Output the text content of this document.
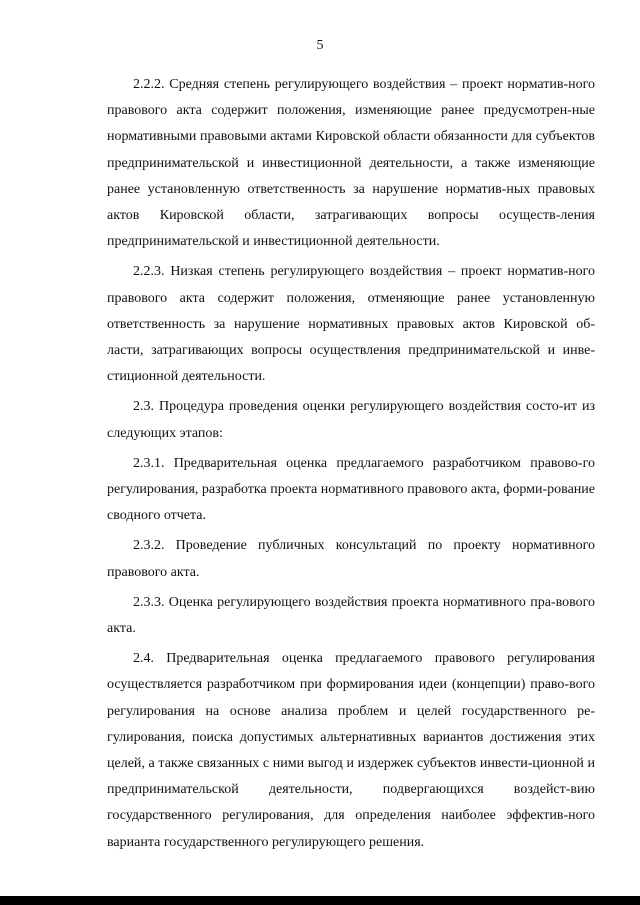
5

2.2.2. Средняя степень регулирующего воздействия – проект норматив-ного правового акта содержит положения, изменяющие ранее предусмотрен-ные нормативными правовыми актами Кировской области обязанности для субъектов предпринимательской и инвестиционной деятельности, а также изменяющие ранее установленную ответственность за нарушение норматив-ных правовых актов Кировской области, затрагивающих вопросы осуществ-ления предпринимательской и инвестиционной деятельности.

2.2.3. Низкая степень регулирующего воздействия – проект норматив-ного правового акта содержит положения, отменяющие ранее установленную ответственность за нарушение нормативных правовых актов Кировской об-ласти, затрагивающих вопросы осуществления предпринимательской и инве-стиционной деятельности.

2.3. Процедура проведения оценки регулирующего воздействия состо-ит из следующих этапов:

2.3.1. Предварительная оценка предлагаемого разработчиком правово-го регулирования, разработка проекта нормативного правового акта, форми-рование сводного отчета.

2.3.2. Проведение публичных консультаций по проекту нормативного правового акта.

2.3.3. Оценка регулирующего воздействия проекта нормативного пра-вового акта.

2.4. Предварительная оценка предлагаемого правового регулирования осуществляется разработчиком при формирования идеи (концепции) право-вого регулирования на основе анализа проблем и целей государственного ре-гулирования, поиска допустимых альтернативных вариантов достижения этих целей, а также связанных с ними выгод и издержек субъектов инвести-ционной и предпринимательской деятельности, подвергающихся воздейст-вию государственного регулирования, для определения наиболее эффектив-ного варианта государственного регулирующего решения.
